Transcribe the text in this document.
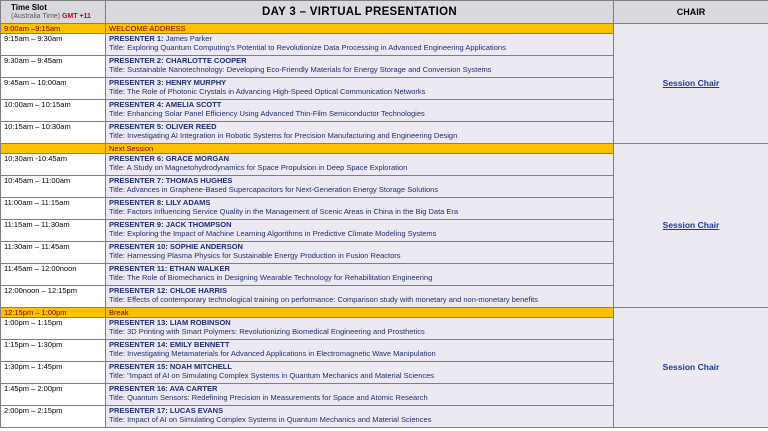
Time Slot
(Australia Time) GMT +11	DAY 3 – VIRTUAL PRESENTATION	CHAIR
9:00am –9:15am	WELCOME ADDRESS	Session Chair
9:15am – 9:30am	PRESENTER 1: James Parker
Title: Exploring Quantum Computing's Potential to Revolutionize Data Processing in Advanced Engineering Applications	

9:30am – 9:45am	PRESENTER 2: CHARLOTTE COOPER
Title: Sustainable Nanotechnology: Developing Eco-Friendly Materials for Energy Storage and Conversion Systems	

9:45am – 10:00am	PRESENTER 3: HENRY MURPHY
Title: The Role of Photonic Crystals in Advancing High-Speed Optical Communication Networks	

10:00am – 10:15am	PRESENTER 4: AMELIA SCOTT
Title: Enhancing Solar Panel Efficiency Using Advanced Thin-Film Semiconductor Technologies	

10:15am – 10:30am	PRESENTER 5: OLIVER REED
Title: Investigating AI Integration in Robotic Systems for Precision Manufacturing and Engineering Design	

	Next Session	Session Chair
10:30am -10:45am	PRESENTER 6: GRACE MORGAN
Title: A Study on Magnetohydrodynamics for Space Propulsion in Deep Space Exploration	

10:45am – 11:00am	PRESENTER 7: THOMAS HUGHES
Title: Advances in Graphene-Based Supercapacitors for Next-Generation Energy Storage Solutions	

11:00am – 11:15am	PRESENTER 8: LILY ADAMS
Title: Factors Influencing Service Quality in the Management of Scenic Areas in China in the Big Data Era	

11:15am – 11:30am	PRESENTER 9: JACK THOMPSON
Title: Exploring the Impact of Machine Learning Algorithms in Predictive Climate Modeling Systems	

11:30am – 11:45am	PRESENTER 10: SOPHIE ANDERSON
Title: Harnessing Plasma Physics for Sustainable Energy Production in Fusion Reactors	

11:45am – 12:00noon	PRESENTER 11: ETHAN WALKER
Title: The Role of Biomechanics in Designing Wearable Technology for Rehabilitation Engineering	

12:00noon – 12:15pm	PRESENTER 12: CHLOE HARRIS
Title: Effects of contemporary technological training on performance: Comparison study with monetary and non-monetary benefits	

12:15pm – 1:00pm	Break	Session Chair
1:00pm – 1:15pm	PRESENTER 13: LIAM ROBINSON
Title: 3D Printing with Smart Polymers: Revolutionizing Biomedical Engineering and Prosthetics	

1:15pm – 1:30pm	PRESENTER 14: EMILY BENNETT
Title: Investigating Metamaterials for Advanced Applications in Electromagnetic Wave Manipulation	

1:30pm – 1:45pm	PRESENTER 15: NOAH MITCHELL
Title: "Impact of AI on Simulating Complex Systems in Quantum Mechanics and Material Sciences	

1:45pm – 2:00pm	PRESENTER 16: AVA CARTER
Title: Quantum Sensors: Redefining Precision in Measurements for Space and Atomic Research	

2:00pm – 2:15pm	PRESENTER 17: LUCAS EVANS
Title: Impact of AI on Simulating Complex Systems in Quantum Mechanics and Material Sciences	
